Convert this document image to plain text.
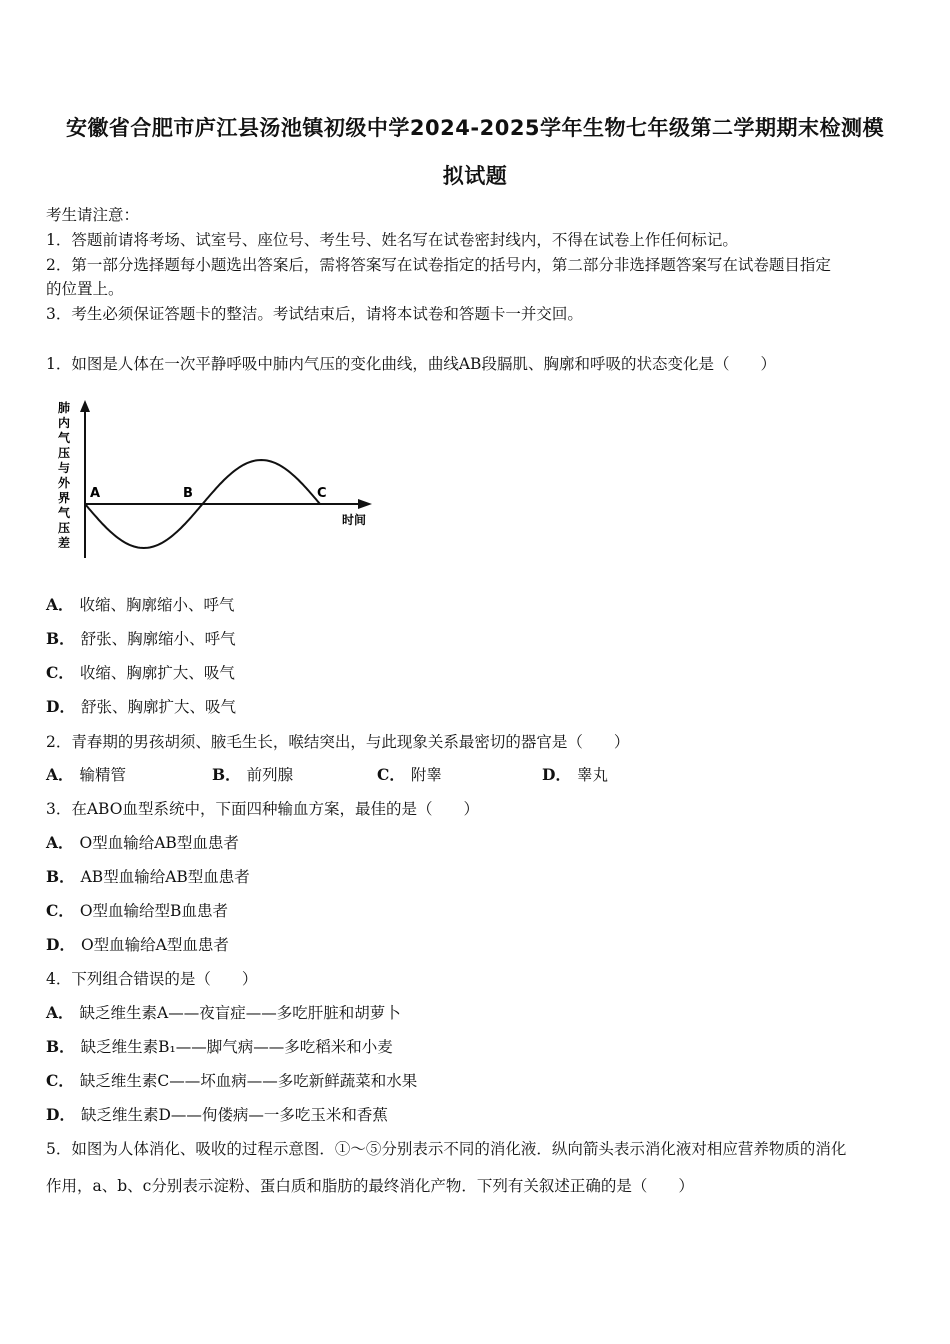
安徽省合肥市庐江县汤池镇初级中学2024-2025学年生物七年级第二学期期末检测模
拟试题
考生请注意：
1．答题前请将考场、试室号、座位号、考生号、姓名写在试卷密封线内，不得在试卷上作任何标记。
2．第一部分选择题每小题选出答案后，需将答案写在试卷指定的括号内，第二部分非选择题答案写在试卷题目指定
的位置上。
3．考生必须保证答题卡的整洁。考试结束后，请将本试卷和答题卡一并交回。
1．如图是人体在一次平静呼吸中肺内气压的变化曲线，曲线AB段膈肌、胸廓和呼吸的状态变化是（　　）
肺内气压与外界气压差
A	B	C
时间
A． 收缩、胸廓缩小、呼气
B． 舒张、胸廓缩小、呼气
C． 收缩、胸廓扩大、吸气
D． 舒张、胸廓扩大、吸气
2．青春期的男孩胡须、腋毛生长，喉结突出，与此现象关系最密切的器官是（　　）
A． 输精管	B． 前列腺	C． 附睾	D． 睾丸
3．在ABO血型系统中，下面四种输血方案，最佳的是（　　）
A． O型血输给AB型血患者
B． AB型血输给AB型血患者
C． O型血输给型B血患者
D． O型血输给A型血患者
4．下列组合错误的是（　　）
A． 缺乏维生素A——夜盲症——多吃肝脏和胡萝卜
B． 缺乏维生素B₁——脚气病——多吃稻米和小麦
C． 缺乏维生素C——坏血病——多吃新鲜蔬菜和水果
D． 缺乏维生素D——佝偻病—一多吃玉米和香蕉
5．如图为人体消化、吸收的过程示意图．①～⑤分别表示不同的消化液．纵向箭头表示消化液对相应营养物质的消化
作用，a、b、c分别表示淀粉、蛋白质和脂肪的最终消化产物．下列有关叙述正确的是（　　）
